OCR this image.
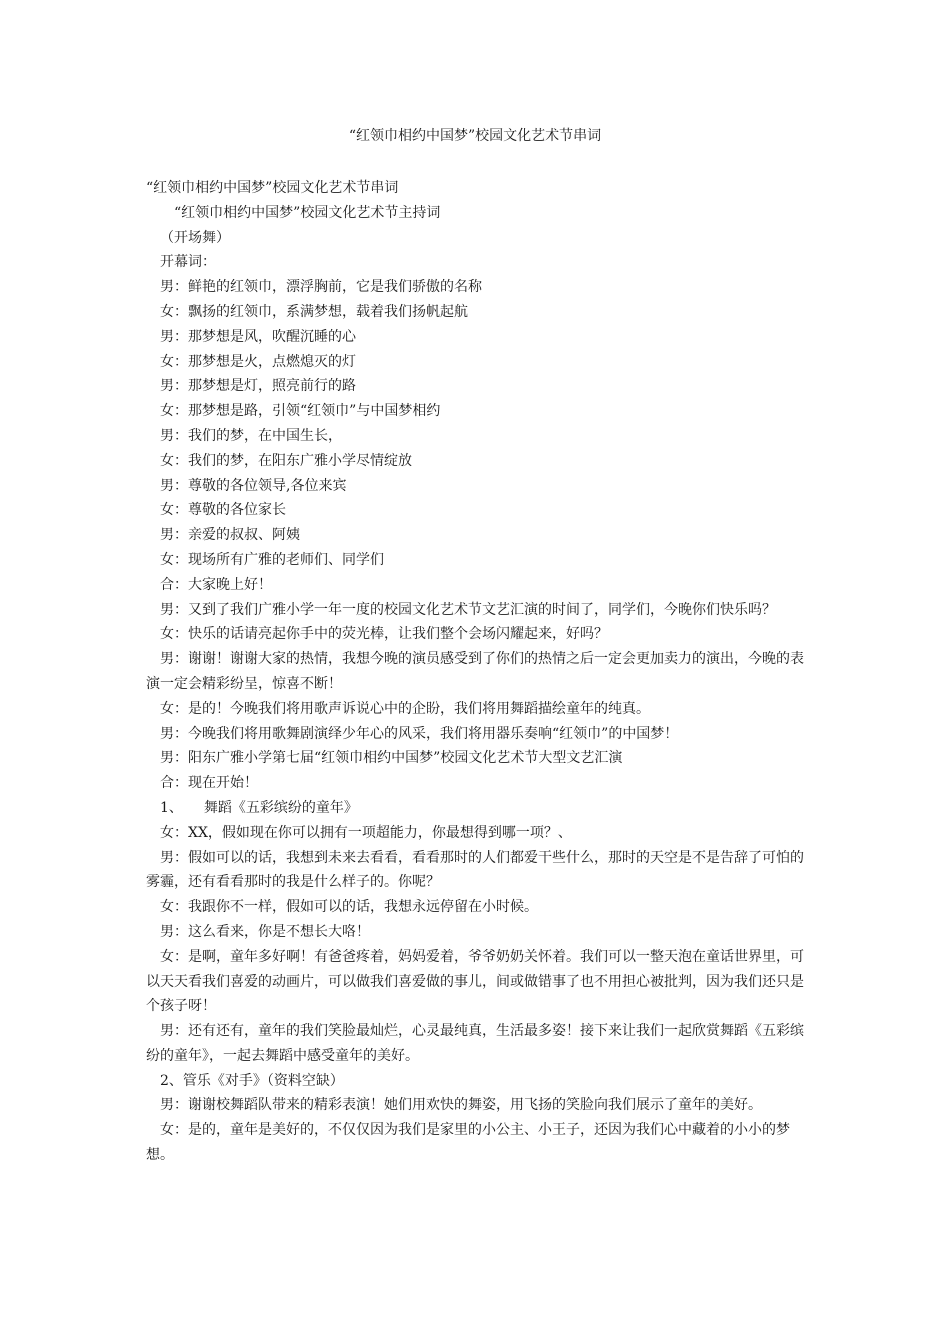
“红领巾相约中国梦”校园文化艺术节串词

“红领巾相约中国梦”校园文化艺术节串词

“红领巾相约中国梦”校园文化艺术节主持词

（开场舞）

开幕词：

男：鲜艳的红领巾，漂浮胸前，它是我们骄傲的名称

女：飘扬的红领巾，系满梦想，载着我们扬帆起航

男：那梦想是风，吹醒沉睡的心

女：那梦想是火，点燃熄灭的灯

男：那梦想是灯，照亮前行的路

女：那梦想是路，引领“红领巾”与中国梦相约

男：我们的梦，在中国生长，

女：我们的梦，在阳东广雅小学尽情绽放

男：尊敬的各位领导,各位来宾

女：尊敬的各位家长

男：亲爱的叔叔、阿姨

女：现场所有广雅的老师们、同学们

合：大家晚上好！

男：又到了我们广雅小学一年一度的校园文化艺术节文艺汇演的时间了，同学们，今晚你们快乐吗？

女：快乐的话请亮起你手中的荧光棒，让我们整个会场闪耀起来，好吗？

男：谢谢！谢谢大家的热情，我想今晚的演员感受到了你们的热情之后一定会更加卖力的演出，今晚的表演一定会精彩纷呈，惊喜不断！

女：是的！今晚我们将用歌声诉说心中的企盼，我们将用舞蹈描绘童年的纯真。

男：今晚我们将用歌舞剧演绎少年心的风采，我们将用器乐奏响“红领巾”的中国梦！

男：阳东广雅小学第七届“红领巾相约中国梦”校园文化艺术节大型文艺汇演

合：现在开始！

1、　　舞蹈《五彩缤纷的童年》

女：XX，假如现在你可以拥有一项超能力，你最想得到哪一项？、

男：假如可以的话，我想到未来去看看，看看那时的人们都爱干些什么，那时的天空是不是告辞了可怕的雾霾，还有看看那时的我是什么样子的。你呢？

女：我跟你不一样，假如可以的话，我想永远停留在小时候。

男：这么看来，你是不想长大咯！

女：是啊，童年多好啊！有爸爸疼着，妈妈爱着，爷爷奶奶关怀着。我们可以一整天泡在童话世界里，可以天天看我们喜爱的动画片，可以做我们喜爱做的事儿，间或做错事了也不用担心被批判，因为我们还只是个孩子呀！

男：还有还有，童年的我们笑脸最灿烂，心灵最纯真，生活最多姿！接下来让我们一起欣赏舞蹈《五彩缤纷的童年》，一起去舞蹈中感受童年的美好。

2、管乐《对手》（资料空缺）

男：谢谢校舞蹈队带来的精彩表演！她们用欢快的舞姿，用飞扬的笑脸向我们展示了童年的美好。

女：是的，童年是美好的，不仅仅因为我们是家里的小公主、小王子，还因为我们心中藏着的小小的梦想。
